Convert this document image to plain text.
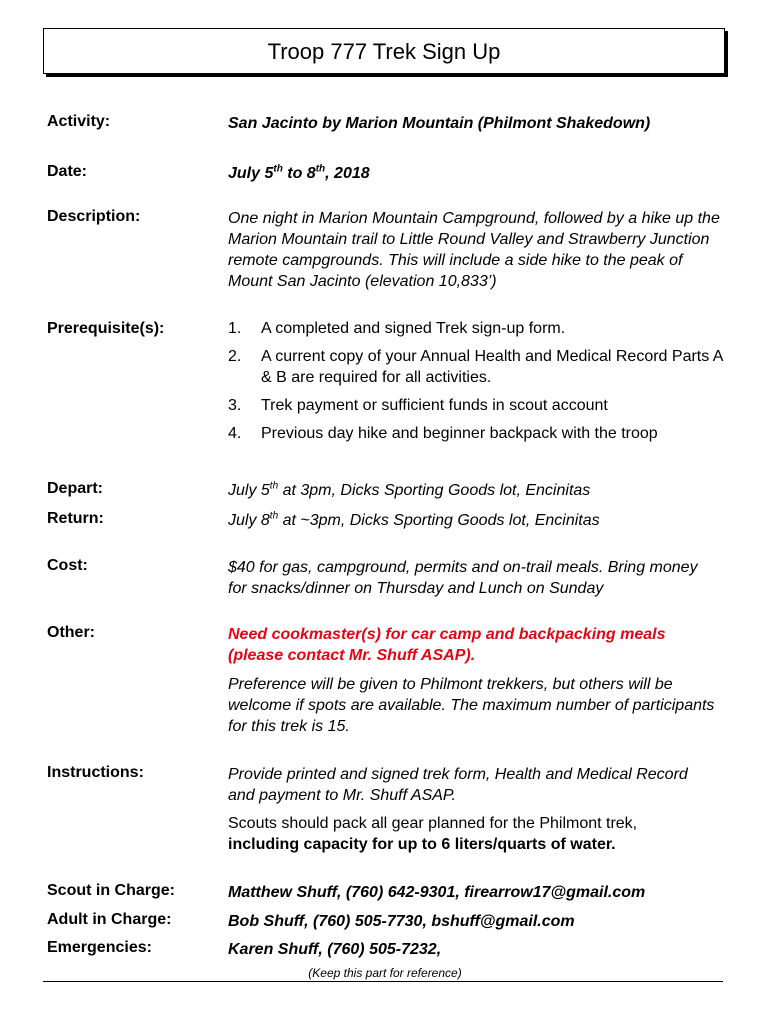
Troop 777 Trek Sign Up
Activity:	San Jacinto by Marion Mountain (Philmont Shakedown)
Date:	July 5th to 8th, 2018
Description:	One night in Marion Mountain Campground, followed by a hike up the Marion Mountain trail to Little Round Valley and Strawberry Junction remote campgrounds. This will include a side hike to the peak of Mount San Jacinto (elevation 10,833’)
Prerequisite(s):	1. A completed and signed Trek sign-up form.
2. A current copy of your Annual Health and Medical Record Parts A & B are required for all activities.
3. Trek payment or sufficient funds in scout account
4. Previous day hike and beginner backpack with the troop
Depart:	July 5th at 3pm, Dicks Sporting Goods lot, Encinitas
Return:	July 8th at ~3pm, Dicks Sporting Goods lot, Encinitas
Cost:	$40 for gas, campground, permits and on-trail meals. Bring money for snacks/dinner on Thursday and Lunch on Sunday
Other:	Need cookmaster(s) for car camp and backpacking meals (please contact Mr. Shuff ASAP).
Preference will be given to Philmont trekkers, but others will be welcome if spots are available. The maximum number of participants for this trek is 15.
Instructions:	Provide printed and signed trek form, Health and Medical Record and payment to Mr. Shuff ASAP.
Scouts should pack all gear planned for the Philmont trek,
including capacity for up to 6 liters/quarts of water.
Scout in Charge:	Matthew Shuff, (760) 642-9301, firearrow17@gmail.com
Adult in Charge:	Bob Shuff, (760) 505-7730, bshuff@gmail.com
Emergencies:	Karen Shuff, (760) 505-7232,
(Keep this part for reference)
